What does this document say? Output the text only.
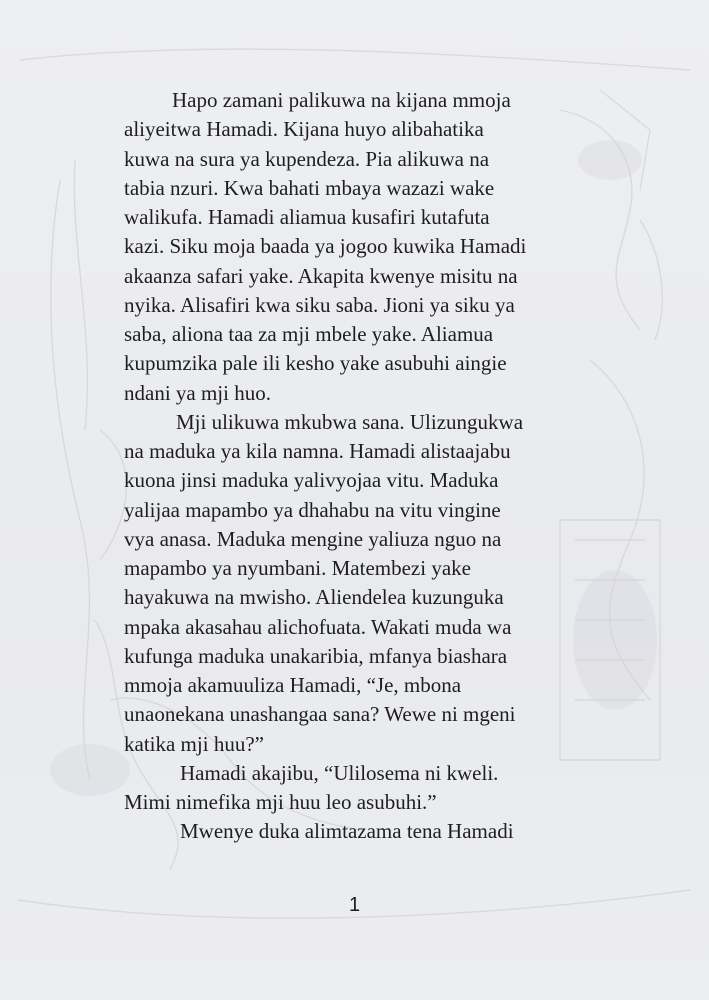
Hapo zamani palikuwa na kijana mmoja
aliyeitwa Hamadi. Kijana huyo alibahatika
kuwa na sura ya kupendeza. Pia alikuwa na
tabia nzuri. Kwa bahati mbaya wazazi wake
walikufa. Hamadi aliamua kusafiri kutafuta
kazi. Siku moja baada ya jogoo kuwika Hamadi
akaanza safari yake. Akapita kwenye misitu na
nyika. Alisafiri kwa siku saba. Jioni ya siku ya
saba, aliona taa za mji mbele yake. Aliamua
kupumzika pale ili kesho yake asubuhi aingie
ndani ya mji huo.
Mji ulikuwa mkubwa sana. Ulizungukwa
na maduka ya kila namna. Hamadi alistaajabu
kuona jinsi maduka yalivyojaa vitu. Maduka
yalijaa mapambo ya dhahabu na vitu vingine
vya anasa. Maduka mengine yaliuza nguo na
mapambo ya nyumbani. Matembezi yake
hayakuwa na mwisho. Aliendelea kuzunguka
mpaka akasahau alichofuata. Wakati muda wa
kufunga maduka unakaribia, mfanya biashara
mmoja akamuuliza Hamadi, “Je, mbona
unaonekana unashangaa sana? Wewe ni mgeni
katika mji huu?”
Hamadi akajibu, “Ulilosema ni kweli.
Mimi nimefika mji huu leo asubuhi.”
Mwenye duka alimtazama tena Hamadi
1
